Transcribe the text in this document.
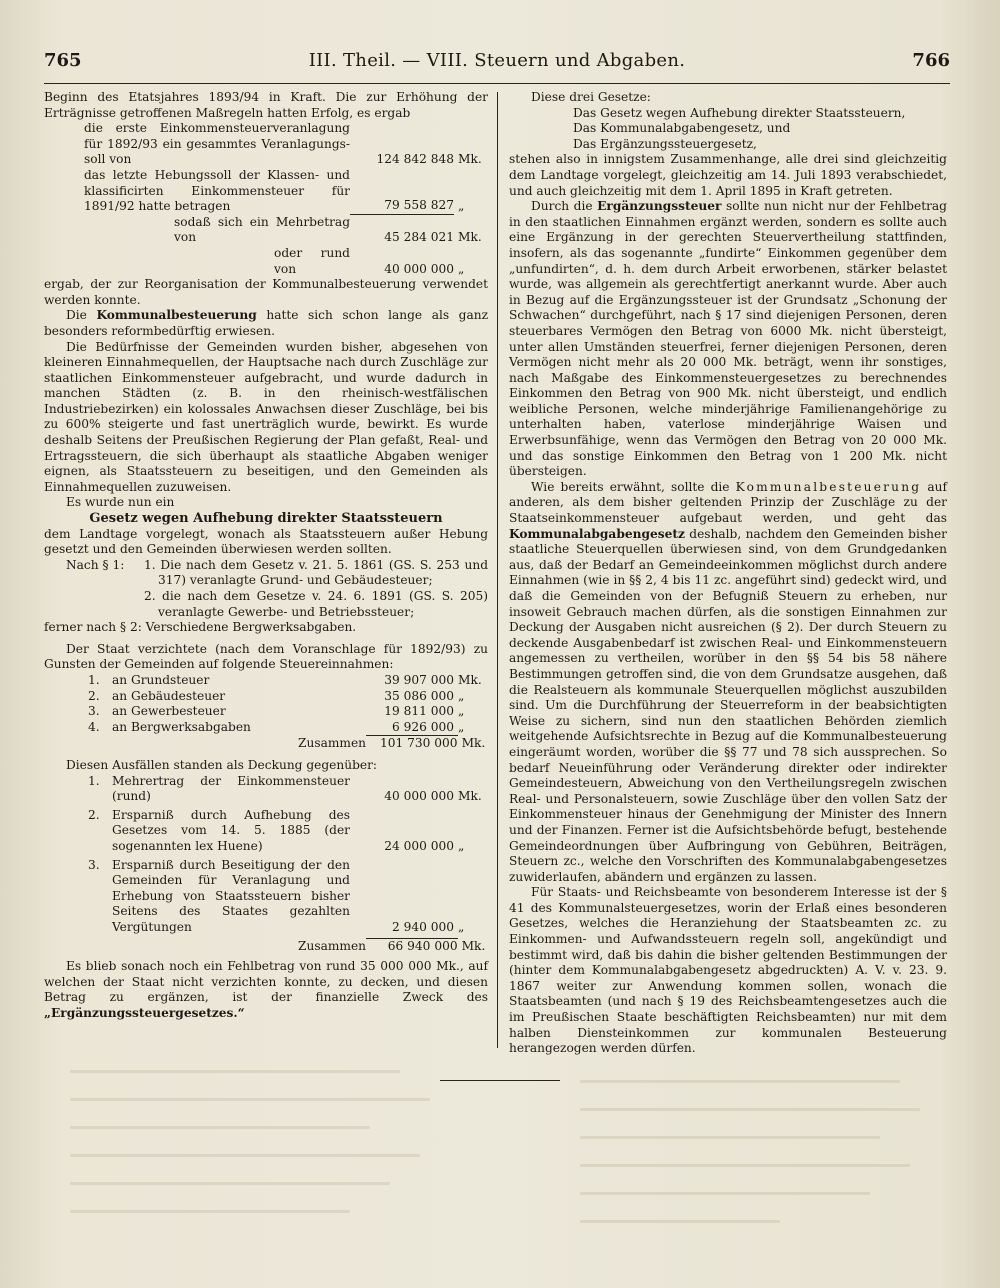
765	III. Theil. — VIII. Steuern und Abgaben.	766

Beginn des Etatsjahres 1893/94 in Kraft. Die zur Erhöhung der Erträgnisse getroffenen Maßregeln hatten Erfolg, es ergab

die erste Einkommensteuerveranlagung für 1892/93 ein gesammtes Veranlagungs-soll von	124 842 848 Mk.
das letzte Hebungssoll der Klassen- und klassificirten Einkommensteuer für 1891/92 hatte betragen	79 558 827 „
sodaß sich ein Mehrbetrag von	45 284 021 Mk.
oder rund von	40 000 000 „

ergab, der zur Reorganisation der Kommunalbesteuerung verwendet werden konnte.

Die Kommunalbesteuerung hatte sich schon lange als ganz besonders reformbedürftig erwiesen.

Die Bedürfnisse der Gemeinden wurden bisher, abgesehen von kleineren Einnahmequellen, der Hauptsache nach durch Zuschläge zur staatlichen Einkommensteuer aufgebracht, und wurde dadurch in manchen Städten (z. B. in den rheinisch-westfälischen Industriebezirken) ein kolossales Anwachsen dieser Zuschläge, bei bis zu 600% steigerte und fast unerträglich wurde, bewirkt. Es wurde deshalb Seitens der Preußischen Regierung der Plan gefaßt, Real- und Ertragssteuern, die sich überhaupt als staatliche Abgaben weniger eignen, als Staatssteuern zu beseitigen, und den Gemeinden als Einnahmequellen zuzuweisen.

Es wurde nun ein

Gesetz wegen Aufhebung direkter Staatssteuern

dem Landtage vorgelegt, wonach als Staatssteuern außer Hebung gesetzt und den Gemeinden überwiesen werden sollten.

Nach § 1:	1. Die nach dem Gesetz v. 21. 5. 1861 (GS. S. 253 und 317) veranlagte Grund- und Gebäudesteuer;

2. die nach dem Gesetze v. 24. 6. 1891 (GS. S. 205) veranlagte Gewerbe- und Betriebssteuer;

ferner nach § 2: Verschiedene Bergwerksabgaben.

Der Staat verzichtete (nach dem Voranschlage für 1892/93) zu Gunsten der Gemeinden auf folgende Steuereinnahmen:

1.	an Grundsteuer	39 907 000 Mk.
2.	an Gebäudesteuer	35 086 000 „
3.	an Gewerbesteuer	19 811 000 „
4.	an Bergwerksabgaben	6 926 000 „
Zusammen	101 730 000 Mk.

Diesen Ausfällen standen als Deckung gegenüber:

1.	Mehrertrag der Einkommensteuer (rund)	40 000 000 Mk.
2.	Ersparniß durch Aufhebung des Gesetzes vom 14. 5. 1885 (der sogenannten lex Huene)	24 000 000 „
3.	Ersparniß durch Beseitigung der den Gemeinden für Veranlagung und Erhebung von Staatssteuern bisher Seitens des Staates gezahlten Vergütungen	2 940 000 „
Zusammen	66 940 000 Mk.

Es blieb sonach noch ein Fehlbetrag von rund 35 000 000 Mk., auf welchen der Staat nicht verzichten konnte, zu decken, und diesen Betrag zu ergänzen, ist der finanzielle Zweck des „Ergänzungssteuergesetzes.“

Diese drei Gesetze:

Das Gesetz wegen Aufhebung direkter Staatssteuern,

Das Kommunalabgabengesetz, und

Das Ergänzungssteuergesetz,

stehen also in innigstem Zusammenhange, alle drei sind gleichzeitig dem Landtage vorgelegt, gleichzeitig am 14. Juli 1893 verabschiedet, und auch gleichzeitig mit dem 1. April 1895 in Kraft getreten.

Durch die Ergänzungssteuer sollte nun nicht nur der Fehlbetrag in den staatlichen Einnahmen ergänzt werden, sondern es sollte auch eine Ergänzung in der gerechten Steuervertheilung stattfinden, insofern, als das sogenannte „fundirte“ Einkommen gegenüber dem „unfundirten“, d. h. dem durch Arbeit erworbenen, stärker belastet wurde, was allgemein als gerechtfertigt anerkannt wurde. Aber auch in Bezug auf die Ergänzungssteuer ist der Grundsatz „Schonung der Schwachen“ durchgeführt, nach § 17 sind diejenigen Personen, deren steuerbares Vermögen den Betrag von 6000 Mk. nicht übersteigt, unter allen Umständen steuerfrei, ferner diejenigen Personen, deren Vermögen nicht mehr als 20 000 Mk. beträgt, wenn ihr sonstiges, nach Maßgabe des Einkommensteuergesetzes zu berechnendes Einkommen den Betrag von 900 Mk. nicht übersteigt, und endlich weibliche Personen, welche minderjährige Familienangehörige zu unterhalten haben, vaterlose minderjährige Waisen und Erwerbsunfähige, wenn das Vermögen den Betrag von 20 000 Mk. und das sonstige Einkommen den Betrag von 1 200 Mk. nicht übersteigen.

Wie bereits erwähnt, sollte die Kommunalbesteuerung auf anderen, als dem bisher geltenden Prinzip der Zuschläge zu der Staatseinkommensteuer aufgebaut werden, und geht das Kommunalabgabengesetz deshalb, nachdem den Gemeinden bisher staatliche Steuerquellen überwiesen sind, von dem Grundgedanken aus, daß der Bedarf an Gemeindeeinkommen möglichst durch andere Einnahmen (wie in §§ 2, 4 bis 11 zc. angeführt sind) gedeckt wird, und daß die Gemeinden von der Befugniß Steuern zu erheben, nur insoweit Gebrauch machen dürfen, als die sonstigen Einnahmen zur Deckung der Ausgaben nicht ausreichen (§ 2). Der durch Steuern zu deckende Ausgabenbedarf ist zwischen Real- und Einkommensteuern angemessen zu vertheilen, worüber in den §§ 54 bis 58 nähere Bestimmungen getroffen sind, die von dem Grundsatze ausgehen, daß die Realsteuern als kommunale Steuerquellen möglichst auszubilden sind. Um die Durchführung der Steuerreform in der beabsichtigten Weise zu sichern, sind nun den staatlichen Behörden ziemlich weitgehende Aufsichtsrechte in Bezug auf die Kommunalbesteuerung eingeräumt worden, worüber die §§ 77 und 78 sich aussprechen. So bedarf Neueinführung oder Veränderung direkter oder indirekter Gemeindesteuern, Abweichung von den Vertheilungsregeln zwischen Real- und Personalsteuern, sowie Zuschläge über den vollen Satz der Einkommensteuer hinaus der Genehmigung der Minister des Innern und der Finanzen. Ferner ist die Aufsichtsbehörde befugt, bestehende Gemeindeordnungen über Aufbringung von Gebühren, Beiträgen, Steuern zc., welche den Vorschriften des Kommunalabgabengesetzes zuwiderlaufen, abändern und ergänzen zu lassen.

Für Staats- und Reichsbeamte von besonderem Interesse ist der § 41 des Kommunalsteuergesetzes, worin der Erlaß eines besonderen Gesetzes, welches die Heranziehung der Staatsbeamten zc. zu Einkommen- und Aufwandssteuern regeln soll, angekündigt und bestimmt wird, daß bis dahin die bisher geltenden Bestimmungen der (hinter dem Kommunalabgabengesetz abgedruckten) A. V. v. 23. 9. 1867 weiter zur Anwendung kommen sollen, wonach die Staatsbeamten (und nach § 19 des Reichsbeamtengesetzes auch die im Preußischen Staate beschäftigten Reichsbeamten) nur mit dem halben Diensteinkommen zur kommunalen Besteuerung herangezogen werden dürfen.
